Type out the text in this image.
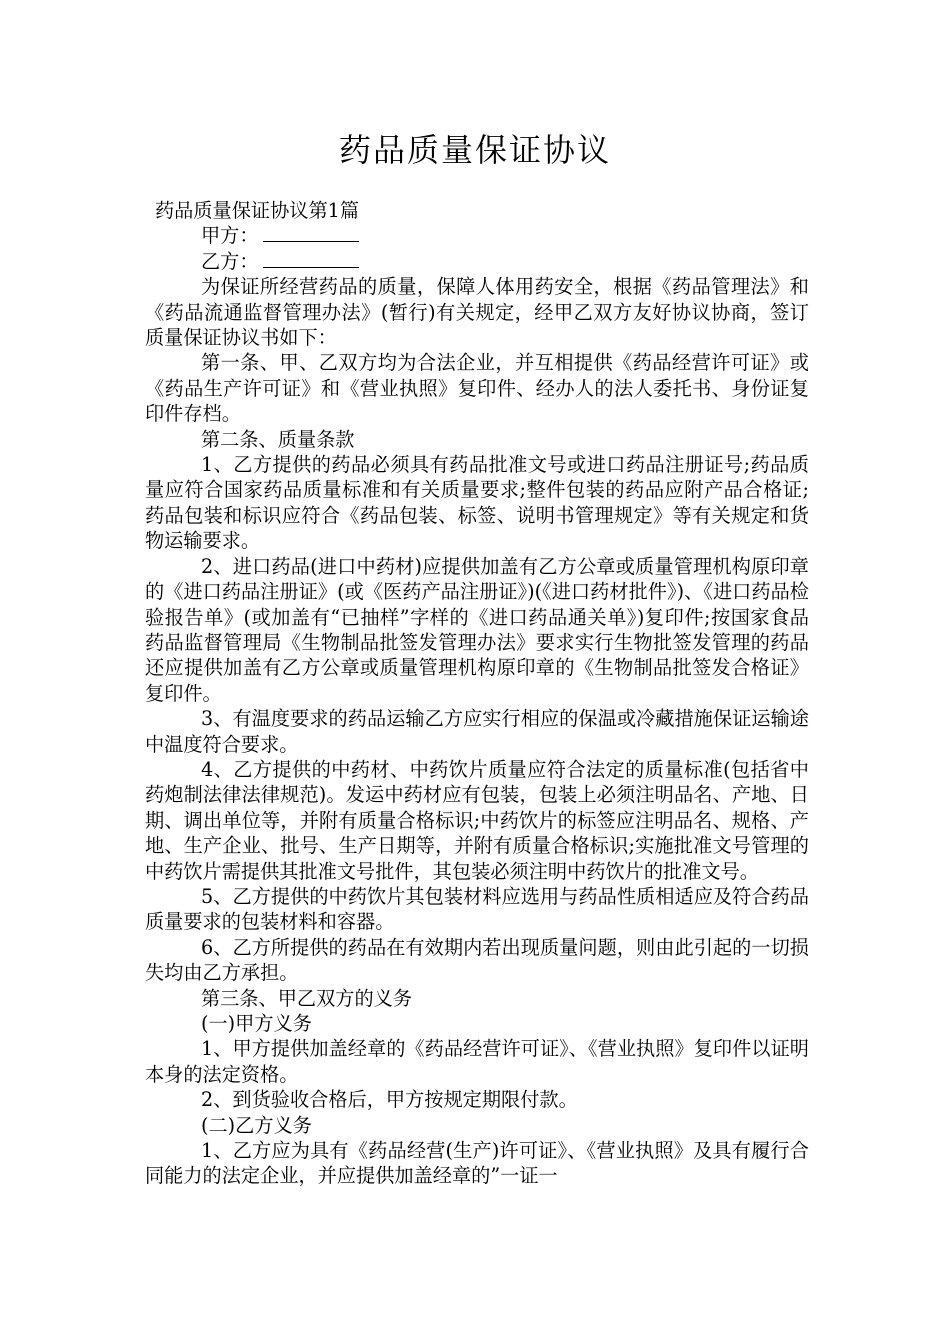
药品质量保证协议

药品质量保证协议第1篇

甲方：

乙方：

为保证所经营药品的质量，保障人体用药安全，根据《药品管理法》和《药品流通监督管理办法》(暂行)有关规定，经甲乙双方友好协议协商，签订质量保证协议书如下：

第一条、甲、乙双方均为合法企业，并互相提供《药品经营许可证》或《药品生产许可证》和《营业执照》复印件、经办人的法人委托书、身份证复印件存档。

第二条、质量条款

1、乙方提供的药品必须具有药品批准文号或进口药品注册证号;药品质量应符合国家药品质量标准和有关质量要求;整件包装的药品应附产品合格证;药品包装和标识应符合《药品包装、标签、说明书管理规定》等有关规定和货物运输要求。

2、进口药品(进口中药材)应提供加盖有乙方公章或质量管理机构原印章的《进口药品注册证》(或《医药产品注册证》)(《进口药材批件》)、《进口药品检验报告单》(或加盖有“已抽样”字样的《进口药品通关单》)复印件;按国家食品药品监督管理局《生物制品批签发管理办法》要求实行生物批签发管理的药品还应提供加盖有乙方公章或质量管理机构原印章的《生物制品批签发合格证》复印件。

3、有温度要求的药品运输乙方应实行相应的保温或冷藏措施保证运输途中温度符合要求。

4、乙方提供的中药材、中药饮片质量应符合法定的质量标准(包括省中药炮制法律法律规范)。发运中药材应有包装，包装上必须注明品名、产地、日期、调出单位等，并附有质量合格标识;中药饮片的标签应注明品名、规格、产地、生产企业、批号、生产日期等，并附有质量合格标识;实施批准文号管理的中药饮片需提供其批准文号批件，其包装必须注明中药饮片的批准文号。

5、乙方提供的中药饮片其包装材料应选用与药品性质相适应及符合药品质量要求的包装材料和容器。

6、乙方所提供的药品在有效期内若出现质量问题，则由此引起的一切损失均由乙方承担。

第三条、甲乙双方的义务

(一)甲方义务

1、甲方提供加盖经章的《药品经营许可证》、《营业执照》复印件以证明本身的法定资格。

2、到货验收合格后，甲方按规定期限付款。

(二)乙方义务

1、乙方应为具有《药品经营(生产)许可证》、《营业执照》及具有履行合同能力的法定企业，并应提供加盖经章的”一证一
